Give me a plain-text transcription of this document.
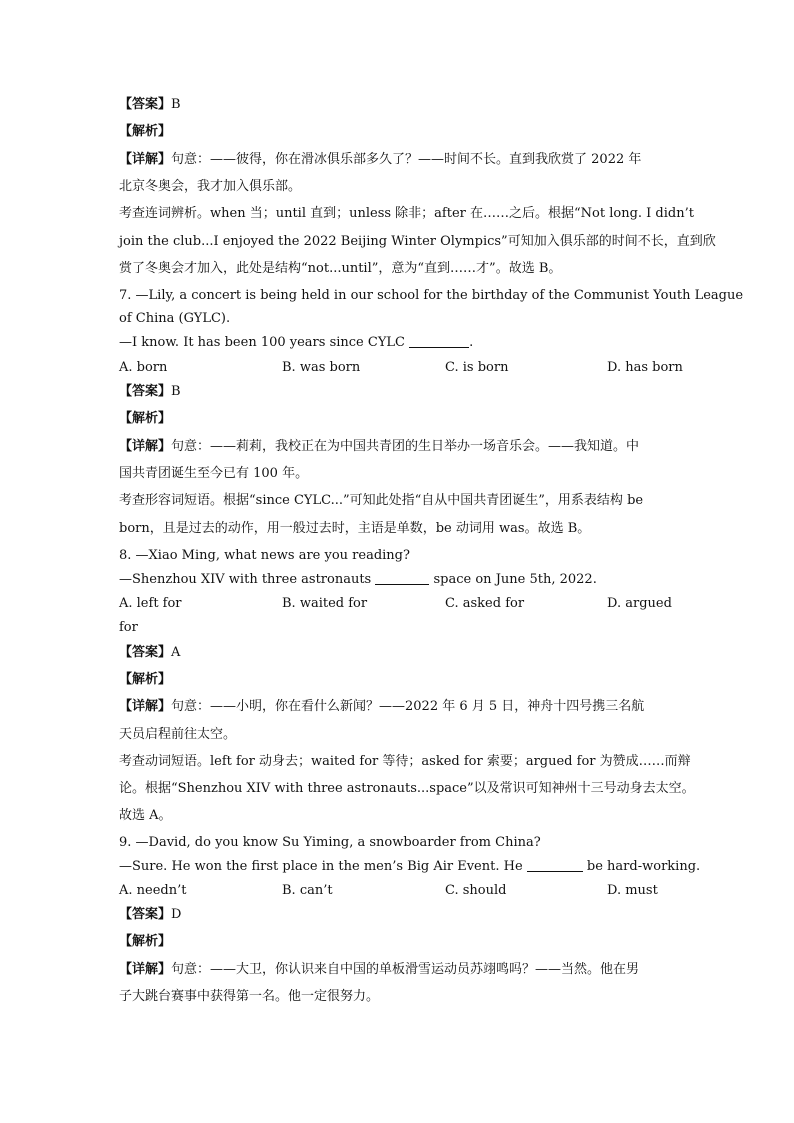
【答案】B
【解析】
【详解】句意：——彼得，你在滑冰俱乐部多久了？——时间不长。直到我欣赏了 2022 年
北京冬奥会，我才加入俱乐部。
考查连词辨析。when 当；until 直到；unless 除非；after 在……之后。根据“Not long. I didn’t
join the club...I enjoyed the 2022 Beijing Winter Olympics”可知加入俱乐部的时间不长，直到欣
赏了冬奥会才加入，此处是结构“not...until”，意为“直到……才”。故选 B。
7. —Lily, a concert is being held in our school for the birthday of the Communist Youth League
of China (GYLC).
—I know. It has been 100 years since CYLC	.
A. born	B. was born	C. is born	D. has born
【答案】B
【解析】
【详解】句意：——莉莉，我校正在为中国共青团的生日举办一场音乐会。——我知道。中
国共青团诞生至今已有 100 年。
考查形容词短语。根据“since CYLC...”可知此处指“自从中国共青团诞生”，用系表结构 be
born，且是过去的动作，用一般过去时，主语是单数，be 动词用 was。故选 B。
8. —Xiao Ming, what news are you reading?
—Shenzhou XIV with three astronauts	space on June 5th, 2022.
A. left for	B. waited for	C. asked for	D. argued
for
【答案】A
【解析】
【详解】句意：——小明，你在看什么新闻？——2022 年 6 月 5 日，神舟十四号携三名航
天员启程前往太空。
考查动词短语。left for 动身去；waited for 等待；asked for 索要；argued for 为赞成……而辩
论。根据“Shenzhou XIV with three astronauts...space”以及常识可知神州十三号动身去太空。
故选 A。
9. —David, do you know Su Yiming, a snowboarder from China?
—Sure. He won the first place in the men’s Big Air Event. He	be hard-working.
A. needn’t	B. can’t	C. should	D. must
【答案】D
【解析】
【详解】句意：——大卫，你认识来自中国的单板滑雪运动员苏翊鸣吗？——当然。他在男
子大跳台赛事中获得第一名。他一定很努力。
